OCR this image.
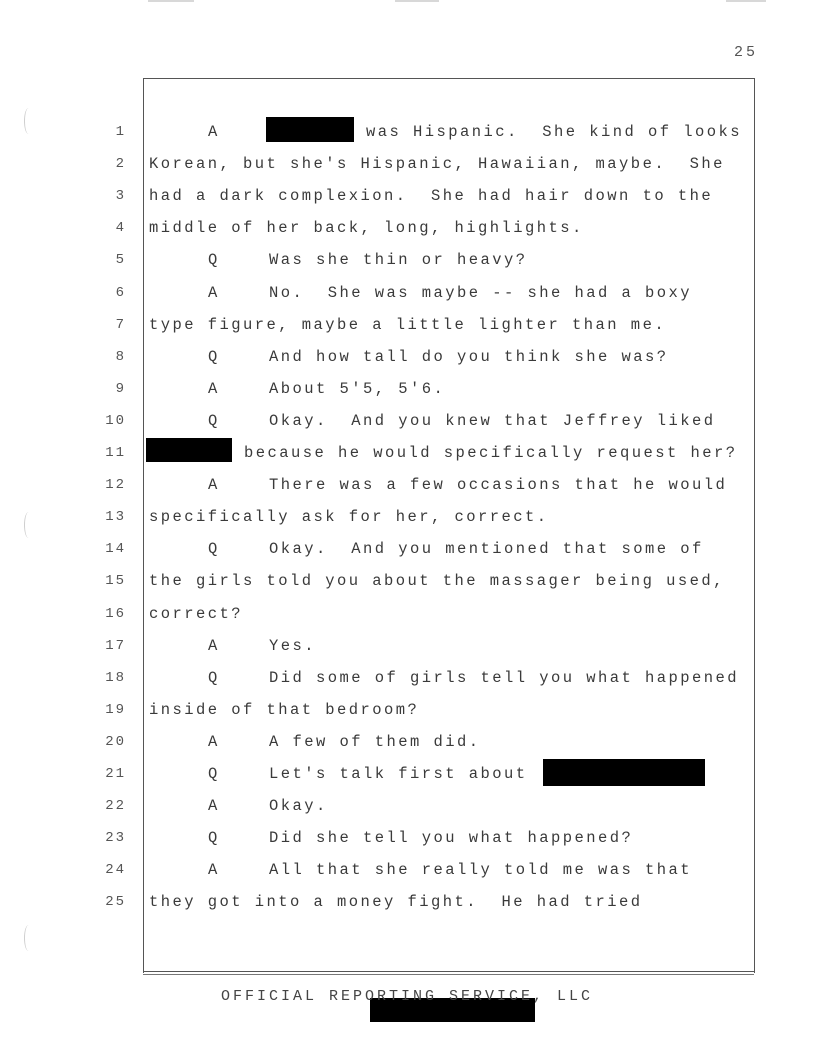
25
1	A	was Hispanic.  She kind of looks
2 Korean, but she's Hispanic, Hawaiian, maybe.  She
3 had a dark complexion.  She had hair down to the
4 middle of her back, long, highlights.
5	Q	Was she thin or heavy?
6	A	No.  She was maybe -- she had a boxy
7 type figure, maybe a little lighter than me.
8	Q	And how tall do you think she was?
9	A	About 5'5, 5'6.
10	Q	Okay.  And you knew that Jeffrey liked
11	because he would specifically request her?
12	A	There was a few occasions that he would
13 specifically ask for her, correct.
14	Q	Okay.  And you mentioned that some of
15 the girls told you about the massager being used,
16 correct?
17	A	Yes.
18	Q	Did some of girls tell you what happened
19 inside of that bedroom?
20	A	A few of them did.
21	Q	Let's talk first about
22	A	Okay.
23	Q	Did she tell you what happened?
24	A	All that she really told me was that
25 they got into a money fight.  He had tried
OFFICIAL REPORTING SERVICE, LLC
